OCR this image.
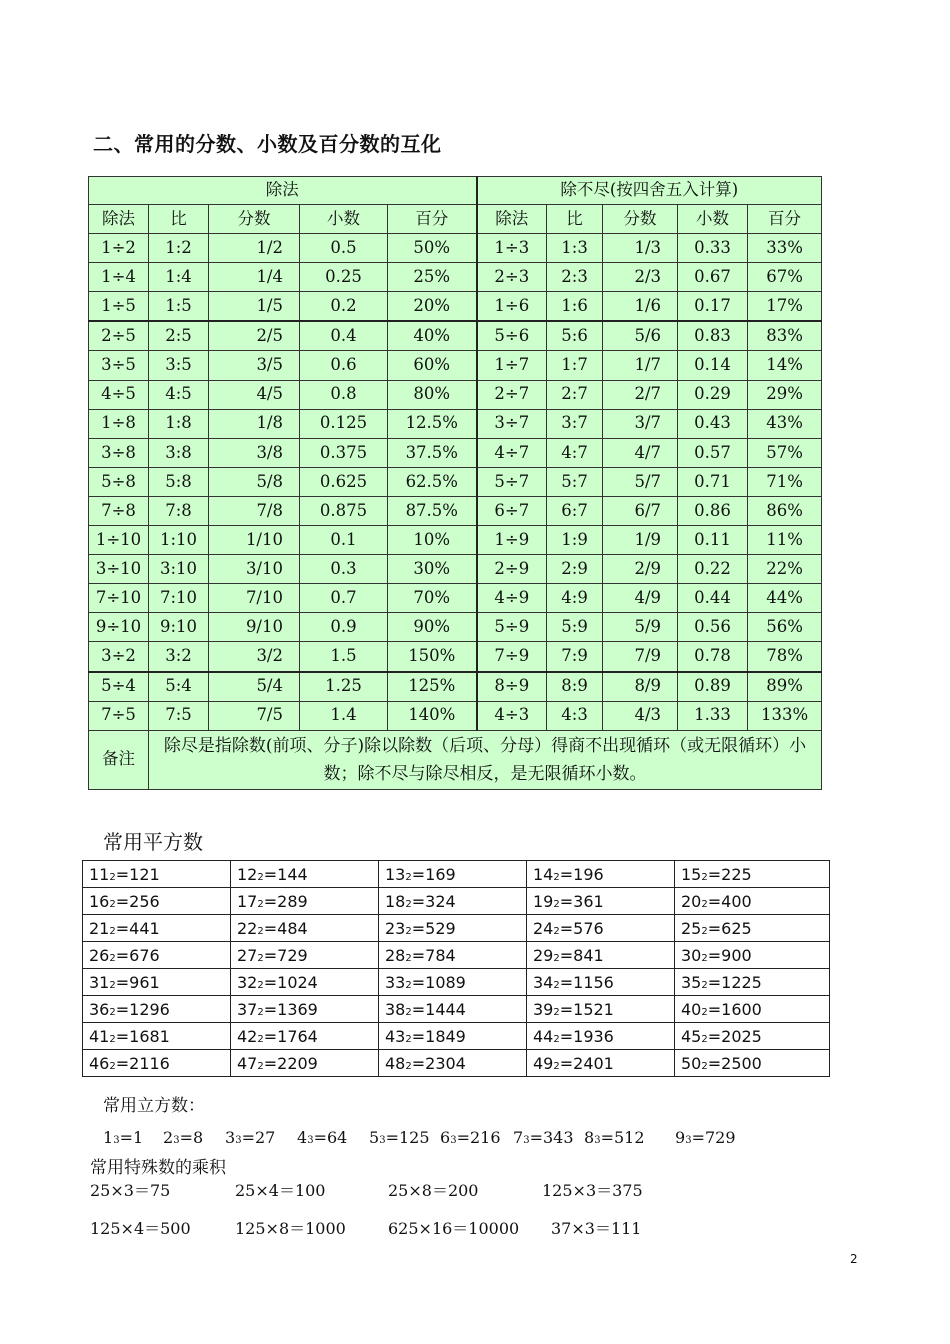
二、常用的分数、小数及百分数的互化
除法					除不尽(按四舍五入计算)				
除法	比	分数	小数	百分	除法	比	分数	小数	百分
1÷2	1:2	1/2	0.5	50%	1÷3	1:3	1/3	0.33	33%
1÷4	1:4	1/4	0.25	25%	2÷3	2:3	2/3	0.67	67%
1÷5	1:5	1/5	0.2	20%	1÷6	1:6	1/6	0.17	17%
2÷5	2:5	2/5	0.4	40%	5÷6	5:6	5/6	0.83	83%
3÷5	3:5	3/5	0.6	60%	1÷7	1:7	1/7	0.14	14%
4÷5	4:5	4/5	0.8	80%	2÷7	2:7	2/7	0.29	29%
1÷8	1:8	1/8	0.125	12.5%	3÷7	3:7	3/7	0.43	43%
3÷8	3:8	3/8	0.375	37.5%	4÷7	4:7	4/7	0.57	57%
5÷8	5:8	5/8	0.625	62.5%	5÷7	5:7	5/7	0.71	71%
7÷8	7:8	7/8	0.875	87.5%	6÷7	6:7	6/7	0.86	86%
1÷10	1:10	1/10	0.1	10%	1÷9	1:9	1/9	0.11	11%
3÷10	3:10	3/10	0.3	30%	2÷9	2:9	2/9	0.22	22%
7÷10	7:10	7/10	0.7	70%	4÷9	4:9	4/9	0.44	44%
9÷10	9:10	9/10	0.9	90%	5÷9	5:9	5/9	0.56	56%
3÷2	3:2	3/2	1.5	150%	7÷9	7:9	7/9	0.78	78%
5÷4	5:4	5/4	1.25	125%	8÷9	8:9	8/9	0.89	89%
7÷5	7:5	7/5	1.4	140%	4÷3	4:3	4/3	1.33	133%
备注	除尽是指除数(前项、分子)除以除数（后项、分母）得商不出现循环（或无限循环）小数；除不尽与除尽相反，是无限循环小数。								
常用平方数
112=121	122=144	132=169	142=196	152=225
162=256	172=289	182=324	192=361	202=400
212=441	222=484	232=529	242=576	252=625
262=676	272=729	282=784	292=841	302=900
312=961	322=1024	332=1089	342=1156	352=1225
362=1296	372=1369	382=1444	392=1521	402=1600
412=1681	422=1764	432=1849	442=1936	452=2025
462=2116	472=2209	482=2304	492=2401	502=2500
常用立方数：
13=1 23=8 33=27 43=64 53=125 63=216 73=343 83=512 93=729
常用特殊数的乘积
25×3＝75	25×4＝100	25×8＝200	125×3＝375
125×4＝500	125×8＝1000	625×16＝10000 37×3＝111
2
